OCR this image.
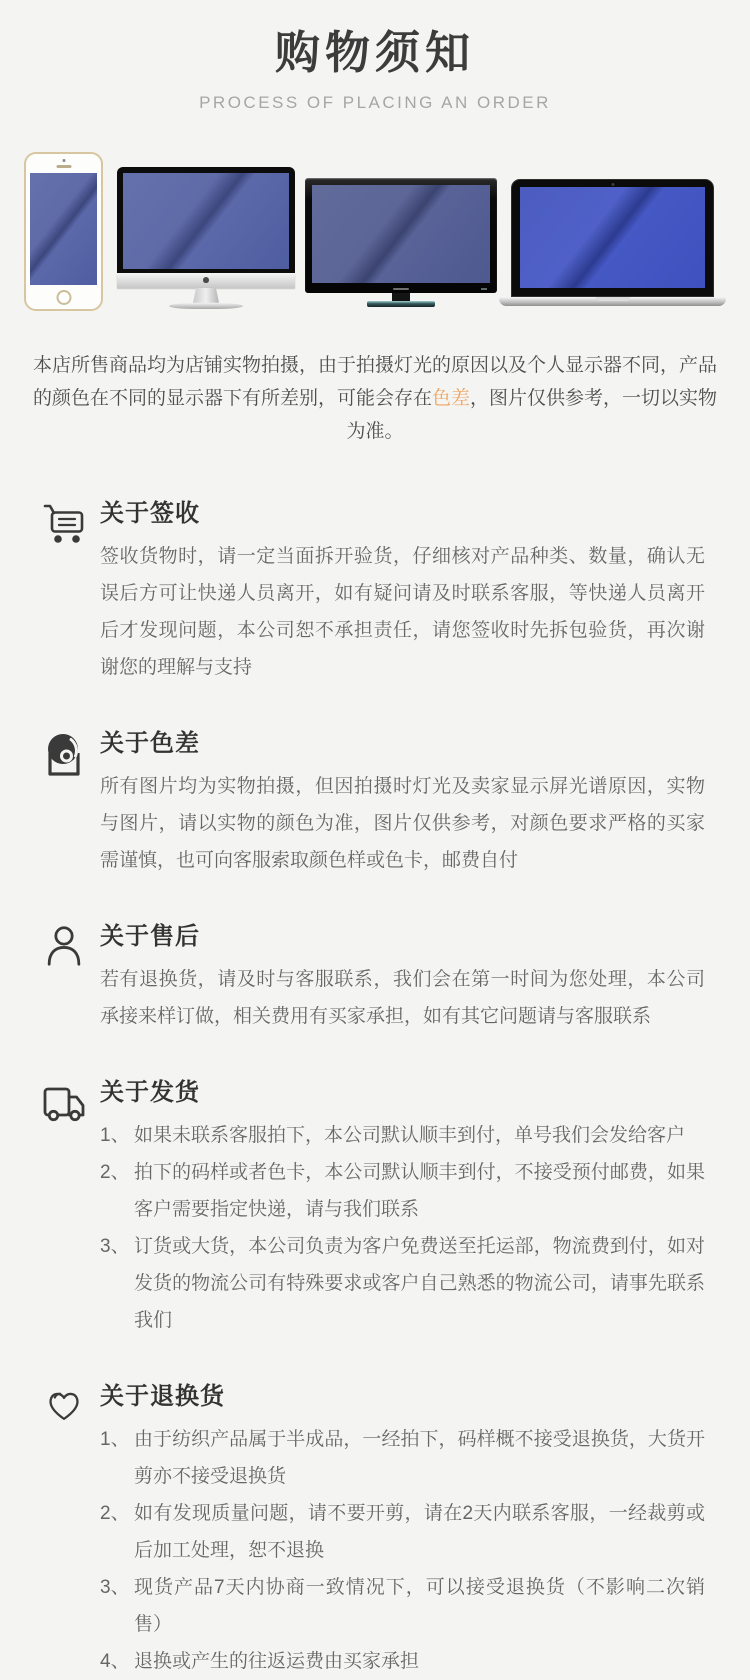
购物须知
PROCESS OF PLACING AN ORDER

本店所售商品均为店铺实物拍摄，由于拍摄灯光的原因以及个人显示器不同，产品的颜色在不同的显示器下有所差别，可能会存在色差，图片仅供参考，一切以实物为准。

关于签收

签收货物时，请一定当面拆开验货，仔细核对产品种类、数量，确认无误后方可让快递人员离开，如有疑问请及时联系客服，等快递人员离开后才发现问题，本公司恕不承担责任，请您签收时先拆包验货，再次谢谢您的理解与支持

关于色差

所有图片均为实物拍摄，但因拍摄时灯光及卖家显示屏光谱原因，实物与图片，请以实物的颜色为准，图片仅供参考，对颜色要求严格的买家需谨慎，也可向客服索取颜色样或色卡，邮费自付

关于售后

若有退换货，请及时与客服联系，我们会在第一时间为您处理，本公司承接来样订做，相关费用有买家承担，如有其它问题请与客服联系

关于发货
1、 如果未联系客服拍下，本公司默认顺丰到付，单号我们会发给客户
2、 拍下的码样或者色卡，本公司默认顺丰到付，不接受预付邮费，如果客户需要指定快递，请与我们联系
3、 订货或大货，本公司负责为客户免费送至托运部，物流费到付，如对发货的物流公司有特殊要求或客户自己熟悉的物流公司，请事先联系我们
关于退换货
1、 由于纺织产品属于半成品，一经拍下，码样概不接受退换货，大货开剪亦不接受退换货
2、 如有发现质量问题，请不要开剪，请在2天内联系客服，一经裁剪或后加工处理，恕不退换
3、 现货产品7天内协商一致情况下，可以接受退换货（不影响二次销售）
4、 退换或产生的往返运费由买家承担
